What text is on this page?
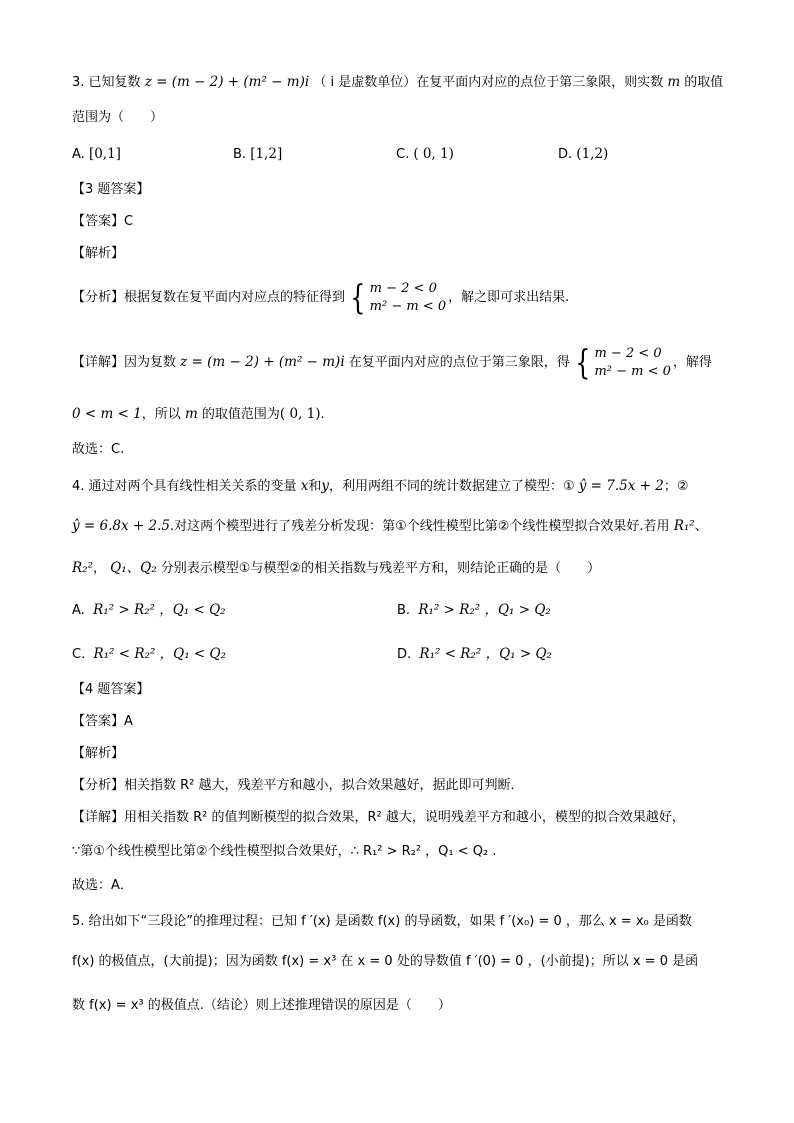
3. 已知复数 z = (m − 2) + (m² − m)i （ i 是虚数单位）在复平面内对应的点位于第三象限，则实数 m 的取值
范围为（　　）
A. [0,1]	B. [1,2]	C. ( 0, 1)	D. (1,2)
【3 题答案】
【答案】C
【解析】
【分析】根据复数在复平面内对应点的特征得到 { m − 2 < 0
m² − m < 0
，解之即可求出结果.
【详解】因为复数 z = (m − 2) + (m² − m)i 在复平面内对应的点位于第三象限，得 { m − 2 < 0
m² − m < 0
，解得
0 < m < 1，所以 m 的取值范围为( 0, 1).
故选：C.
4. 通过对两个具有线性相关关系的变量 x和y，利用两组不同的统计数据建立了模型：① ŷ = 7.5x + 2；②
ŷ = 6.8x + 2.5.对这两个模型进行了残差分析发现：第①个线性模型比第②个线性模型拟合效果好.若用 R₁²、
R₂²， Q₁、Q₂ 分别表示模型①与模型②的相关指数与残差平方和，则结论正确的是（　　）
A. R₁² > R₂² ，Q₁ < Q₂	B. R₁² > R₂² ，Q₁ > Q₂
C. R₁² < R₂² ，Q₁ < Q₂	D. R₁² < R₂² ，Q₁ > Q₂
【4 题答案】
【答案】A
【解析】
【分析】相关指数 R² 越大，残差平方和越小，拟合效果越好，据此即可判断．
【详解】用相关指数 R² 的值判断模型的拟合效果，R² 越大，说明残差平方和越小，模型的拟合效果越好，
∵第①个线性模型比第②个线性模型拟合效果好，∴ R₁² > R₂² ，Q₁ < Q₂ .
故选：A．
5. 给出如下“三段论”的推理过程：已知 f ′(x) 是函数 f(x) 的导函数，如果 f ′(x₀) = 0 ，那么 x = x₀ 是函数
f(x) 的极值点，(大前提)；因为函数 f(x) = x³ 在 x = 0 处的导数值 f ′(0) = 0 ，(小前提)；所以 x = 0 是函
数 f(x) = x³ 的极值点.（结论）则上述推理错误的原因是（　　）
